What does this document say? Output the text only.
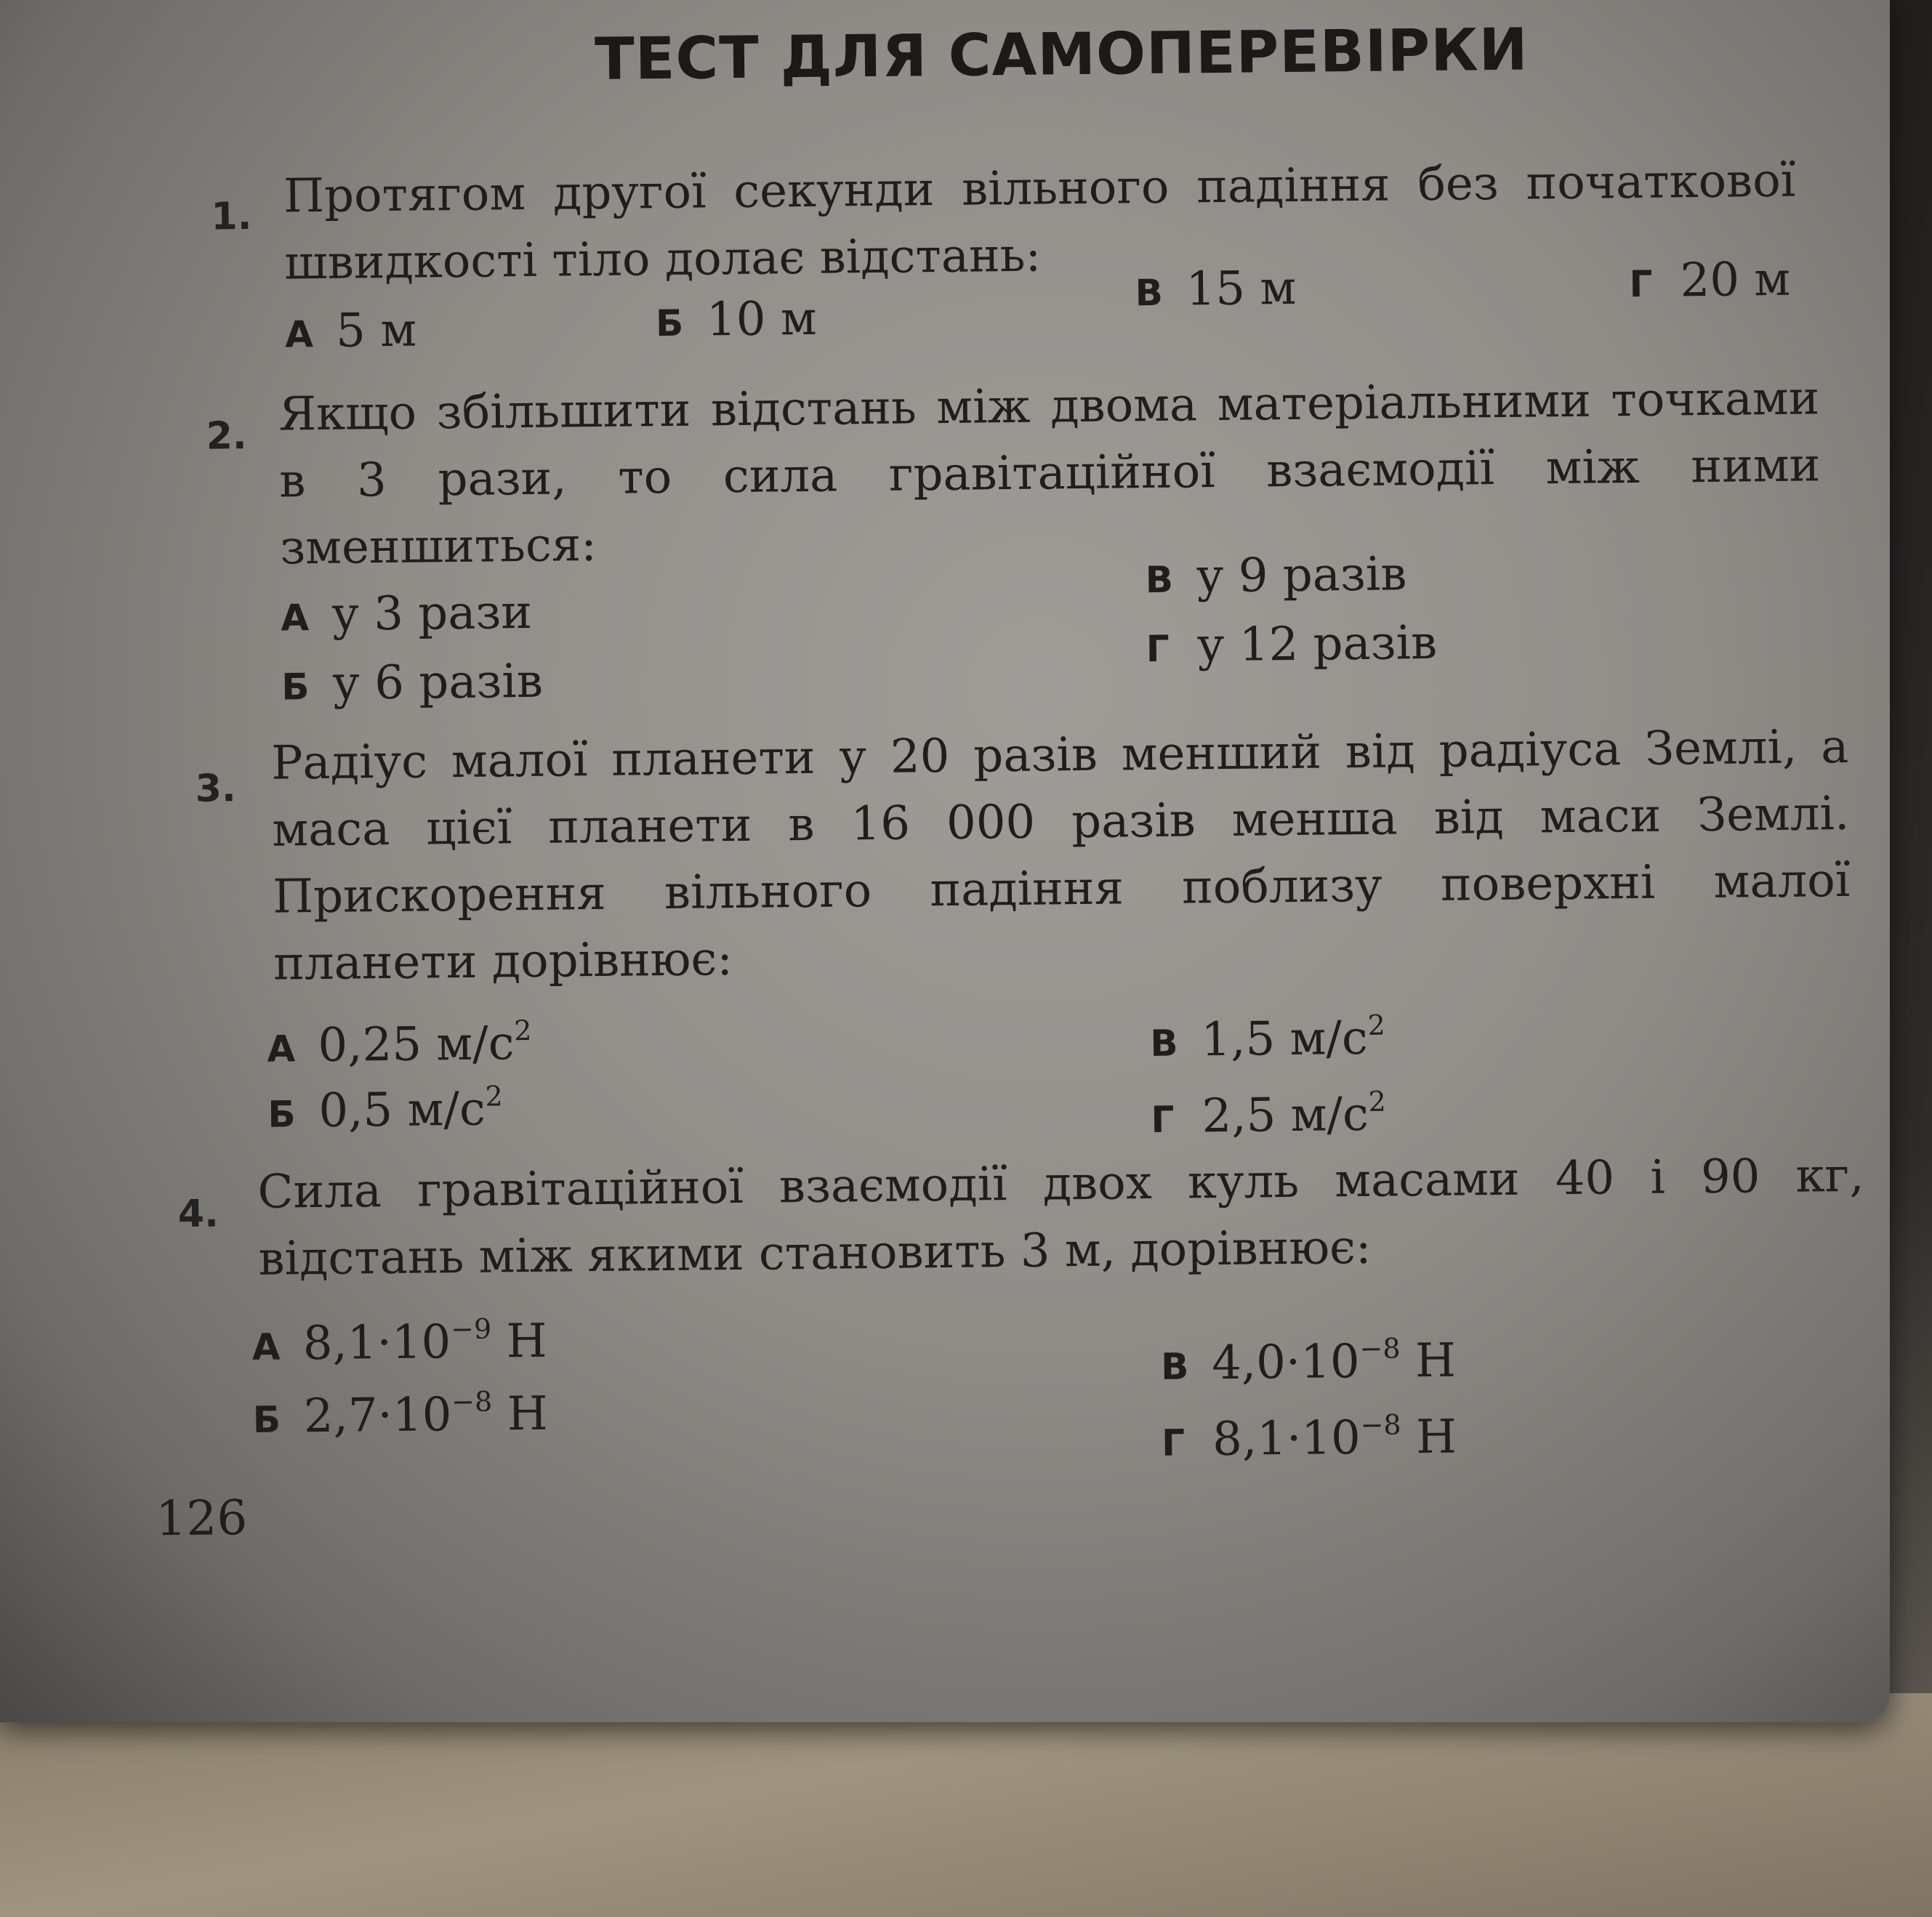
ТЕСТ ДЛЯ САМОПЕРЕВІРКИ
1. Протягом другої секунди вільного падіння без початкової швидкості тіло долає відстань:
А 5 м	Б 10 м	В 15 м	Г 20 м
2. Якщо збільшити відстань між двома матеріальними точками в 3 рази, то сила гравітаційної взаємодії між ними зменшиться:
А у 3 рази
Б у 6 разів
В у 9 разів
Г у 12 разів
3. Радіус малої планети у 20 разів менший від радіуса Землі, а маса цієї планети в 16 000 разів менша від маси Землі. Прискорення вільного падіння поблизу поверхні малої планети дорівнює:
А 0,25 $м/с^2$
Б 0,5 $м/с^2$
В 1,5 $м/с^2$
Г 2,5 $м/с^2$
4. Сила гравітаційної взаємодії двох куль масами 40 і 90 кг, відстань між якими становить 3 м, дорівнює:
А $8,1\cdot 10^{-9}$ Н
Б $2,7\cdot 10^{-8}$ Н
В $4,0\cdot 10^{-8}$ Н
Г $8,1\cdot 10^{-8}$ Н
126
